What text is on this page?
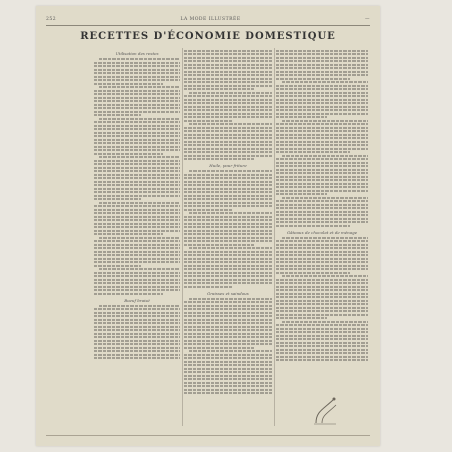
252	LA MODE ILLUSTRÉE	—
RECETTES D'ÉCONOMIE DOMESTIQUE
Utilisation des restes
Boeuf braisé
Huile, pour friture
Graisses et saindoux
Gâteaux de chocolat et de ménage
